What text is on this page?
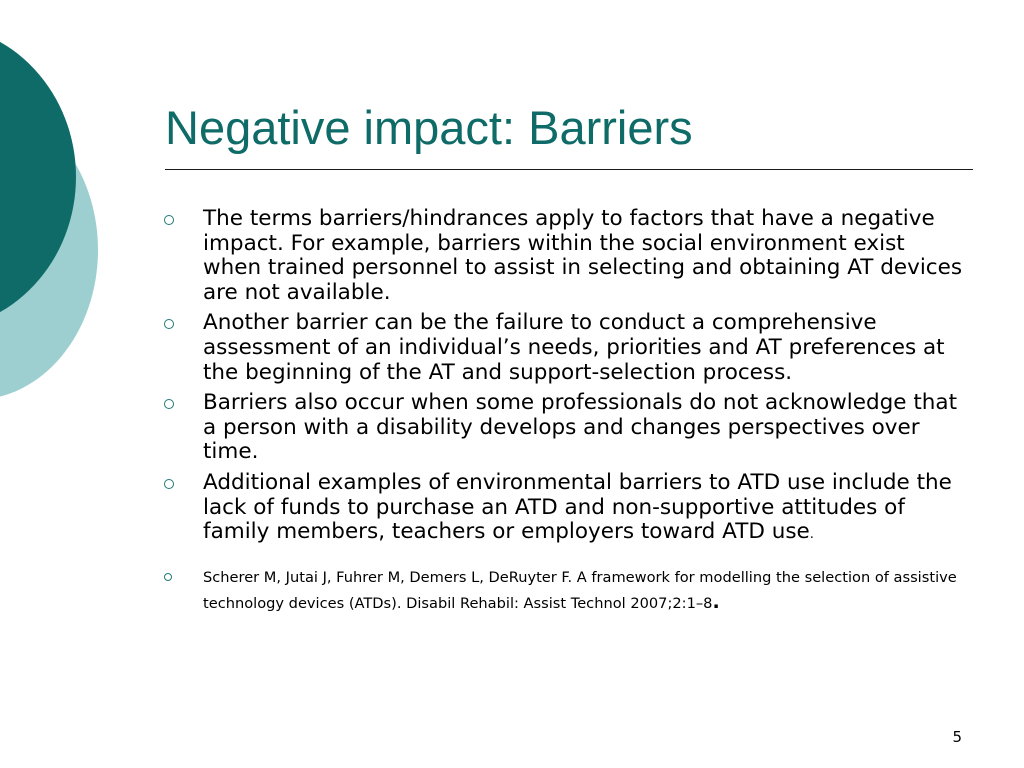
Negative impact: Barriers
The terms barriers/hindrances apply to factors that have a negative impact. For example, barriers within the social environment exist when trained personnel to assist in selecting and obtaining AT devices are not available.
Another barrier can be the failure to conduct a comprehensive assessment of an individual’s needs, priorities and AT preferences at the beginning of the AT and support-selection process.
Barriers also occur when some professionals do not acknowledge that a person with a disability develops and changes perspectives over time.
Additional examples of environmental barriers to ATD use include the lack of funds to purchase an ATD and non-supportive attitudes of family members, teachers or employers toward ATD use.
Scherer M, Jutai J, Fuhrer M, Demers L, DeRuyter F. A framework for modelling the selection of assistive technology devices (ATDs). Disabil Rehabil: Assist Technol 2007;2:1–8.
5
